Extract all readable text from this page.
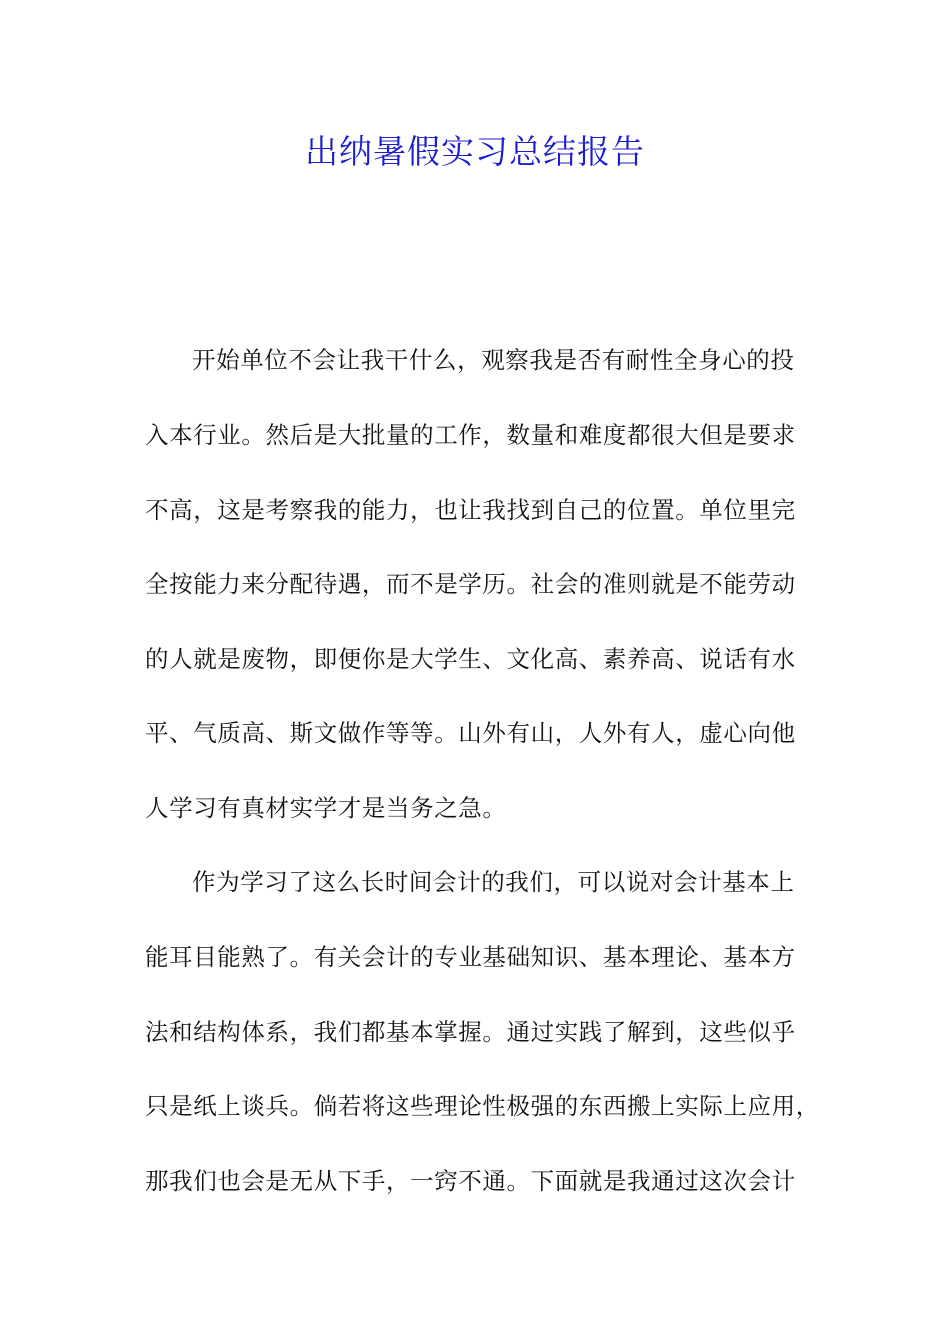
出纳暑假实习总结报告
开始单位不会让我干什么，观察我是否有耐性全身心的投
入本行业。然后是大批量的工作，数量和难度都很大但是要求
不高，这是考察我的能力，也让我找到自己的位置。单位里完
全按能力来分配待遇，而不是学历。社会的准则就是不能劳动
的人就是废物，即便你是大学生、文化高、素养高、说话有水
平、气质高、斯文做作等等。山外有山，人外有人，虚心向他
人学习有真材实学才是当务之急。
作为学习了这么长时间会计的我们，可以说对会计基本上
能耳目能熟了。有关会计的专业基础知识、基本理论、基本方
法和结构体系，我们都基本掌握。通过实践了解到，这些似乎
只是纸上谈兵。倘若将这些理论性极强的东西搬上实际上应用，
那我们也会是无从下手，一窍不通。下面就是我通过这次会计
